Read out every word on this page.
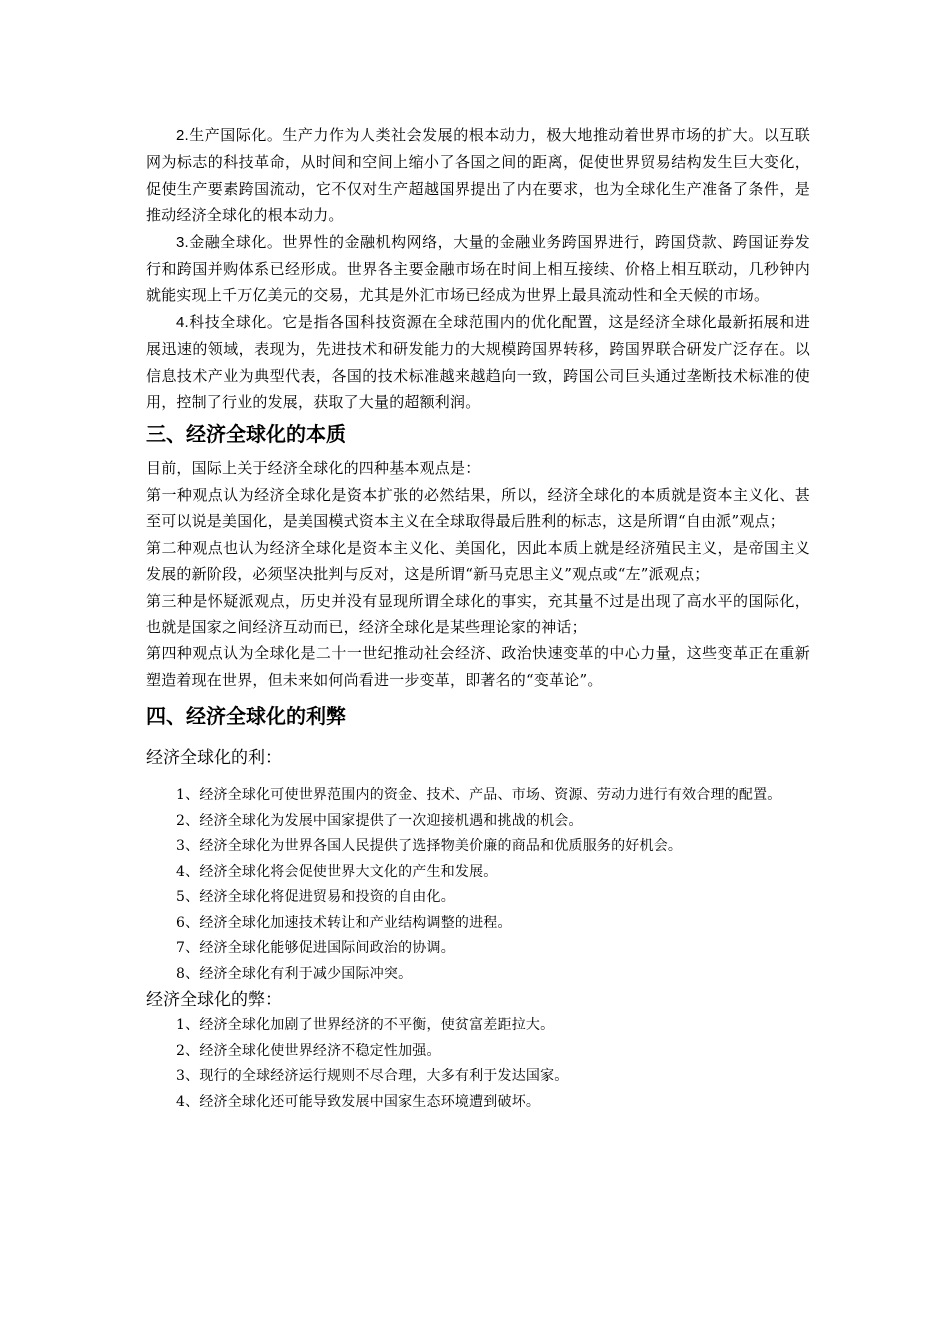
2.生产国际化。生产力作为人类社会发展的根本动力，极大地推动着世界市场的扩大。以互联网为标志的科技革命，从时间和空间上缩小了各国之间的距离，促使世界贸易结构发生巨大变化，促使生产要素跨国流动，它不仅对生产超越国界提出了内在要求，也为全球化生产准备了条件，是推动经济全球化的根本动力。

3.金融全球化。世界性的金融机构网络，大量的金融业务跨国界进行，跨国贷款、跨国证券发行和跨国并购体系已经形成。世界各主要金融市场在时间上相互接续、价格上相互联动，几秒钟内就能实现上千万亿美元的交易，尤其是外汇市场已经成为世界上最具流动性和全天候的市场。

4.科技全球化。它是指各国科技资源在全球范围内的优化配置，这是经济全球化最新拓展和进展迅速的领域，表现为，先进技术和研发能力的大规模跨国界转移，跨国界联合研发广泛存在。以信息技术产业为典型代表，各国的技术标准越来越趋向一致，跨国公司巨头通过垄断技术标准的使用，控制了行业的发展，获取了大量的超额利润。

三、经济全球化的本质

目前，国际上关于经济全球化的四种基本观点是：

第一种观点认为经济全球化是资本扩张的必然结果，所以，经济全球化的本质就是资本主义化、甚至可以说是美国化，是美国模式资本主义在全球取得最后胜利的标志，这是所谓“自由派”观点；

第二种观点也认为经济全球化是资本主义化、美国化，因此本质上就是经济殖民主义，是帝国主义发展的新阶段，必须坚决批判与反对，这是所谓“新马克思主义”观点或“左”派观点；

第三种是怀疑派观点，历史并没有显现所谓全球化的事实，充其量不过是出现了高水平的国际化，也就是国家之间经济互动而已，经济全球化是某些理论家的神话；

第四种观点认为全球化是二十一世纪推动社会经济、政治快速变革的中心力量，这些变革正在重新塑造着现在世界，但未来如何尚看进一步变革，即著名的“变革论”。

四、经济全球化的利弊

经济全球化的利：

1、经济全球化可使世界范围内的资金、技术、产品、市场、资源、劳动力进行有效合理的配置。

2、经济全球化为发展中国家提供了一次迎接机遇和挑战的机会。

3、经济全球化为世界各国人民提供了选择物美价廉的商品和优质服务的好机会。

4、经济全球化将会促使世界大文化的产生和发展。

5、经济全球化将促进贸易和投资的自由化。

6、经济全球化加速技术转让和产业结构调整的进程。

7、经济全球化能够促进国际间政治的协调。

8、经济全球化有利于减少国际冲突。

经济全球化的弊：

1、经济全球化加剧了世界经济的不平衡，使贫富差距拉大。

2、经济全球化使世界经济不稳定性加强。

3、现行的全球经济运行规则不尽合理，大多有利于发达国家。

4、经济全球化还可能导致发展中国家生态环境遭到破坏。
